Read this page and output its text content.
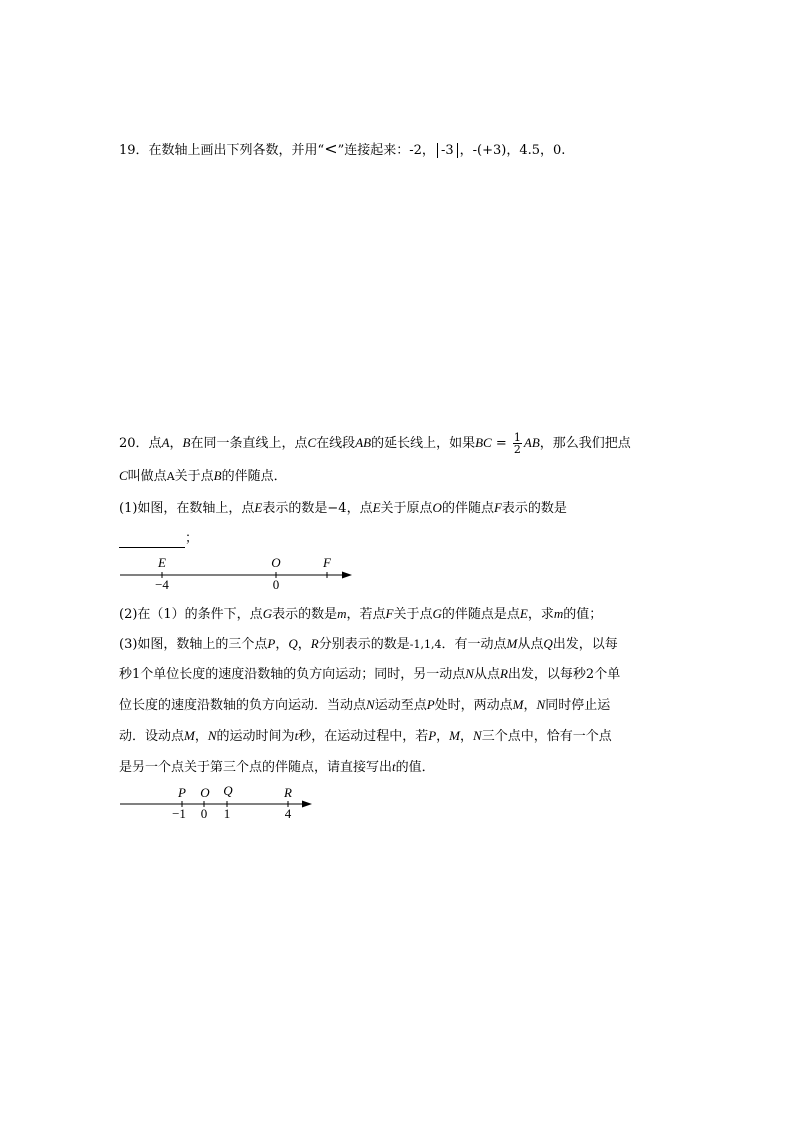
19．在数轴上画出下列各数，并用“<”连接起来：-2， -3 ，-(+3)，4.5，0.
20．点A，B在同一条直线上，点C在线段AB的延长线上，如果BC = $\frac{1}{2}$ AB，那么我们把点
C叫做点A关于点B的伴随点．
(1)如图，在数轴上，点E表示的数是−4，点E关于原点O的伴随点F表示的数是
；
E	O	F
−4	0
(2)在（1）的条件下，点G表示的数是m，若点F关于点G的伴随点是点E，求m的值；
(3)如图，数轴上的三个点P，Q，R分别表示的数是-1,1,4．有一动点M从点Q出发，以每
秒1个单位长度的速度沿数轴的负方向运动；同时，另一动点N从点R出发，以每秒2个单
位长度的速度沿数轴的负方向运动．当动点N运动至点P处时，两动点M，N同时停止运
动．设动点M，N的运动时间为t秒，在运动过程中，若P，M，N三个点中，恰有一个点
是另一个点关于第三个点的伴随点，请直接写出t的值．
P O Q	R
−1 0 1	4
